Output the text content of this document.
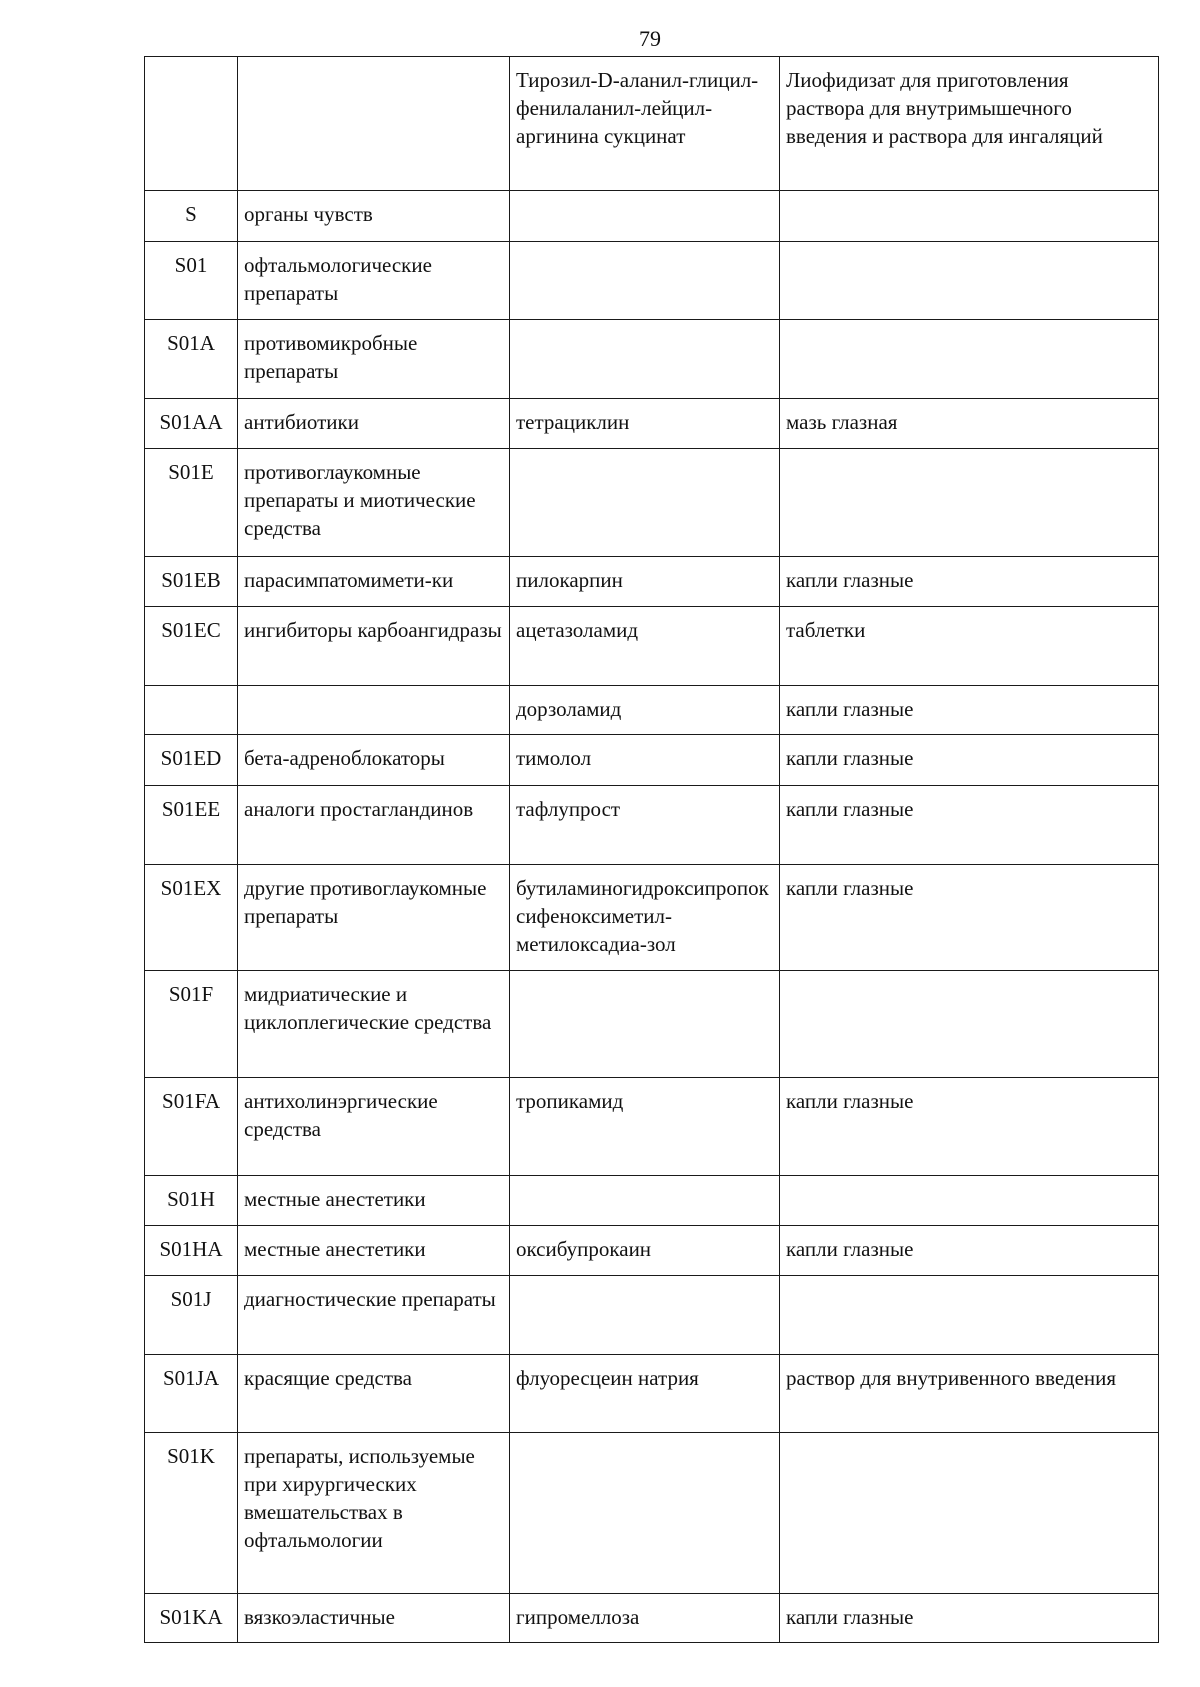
79
		Тирозил-D-аланил-глицил-фенилаланил-лейцил-аргинина сукцинат	Лиофидизат для приготовления раствора для внутримышечного введения и раствора для ингаляций
S	органы чувств		
S01	офтальмологические препараты		
S01A	противомикробные препараты		
S01AA	антибиотики	тетрациклин	мазь глазная
S01E	противоглаукомные препараты и миотические средства		
S01EB	парасимпатомимети-ки	пилокарпин	капли глазные
S01EC	ингибиторы карбоангидразы	ацетазоламид	таблетки
		дорзоламид	капли глазные
S01ED	бета-адреноблокаторы	тимолол	капли глазные
S01EE	аналоги простагландинов	тафлупрост	капли глазные
S01EX	другие противоглаукомные препараты	бутиламиногидроксипропоксифеноксиметил-метилоксадиа-зол	капли глазные
S01F	мидриатические и циклоплегические средства		
S01FA	антихолинэргические средства	тропикамид	капли глазные
S01H	местные анестетики		
S01HA	местные анестетики	оксибупрокаин	капли глазные
S01J	диагностические препараты		
S01JA	красящие средства	флуоресцеин натрия	раствор для внутривенного введения
S01K	препараты, используемые при хирургических вмешательствах в офтальмологии		
S01KA	вязкоэластичные	гипромеллоза	капли глазные
